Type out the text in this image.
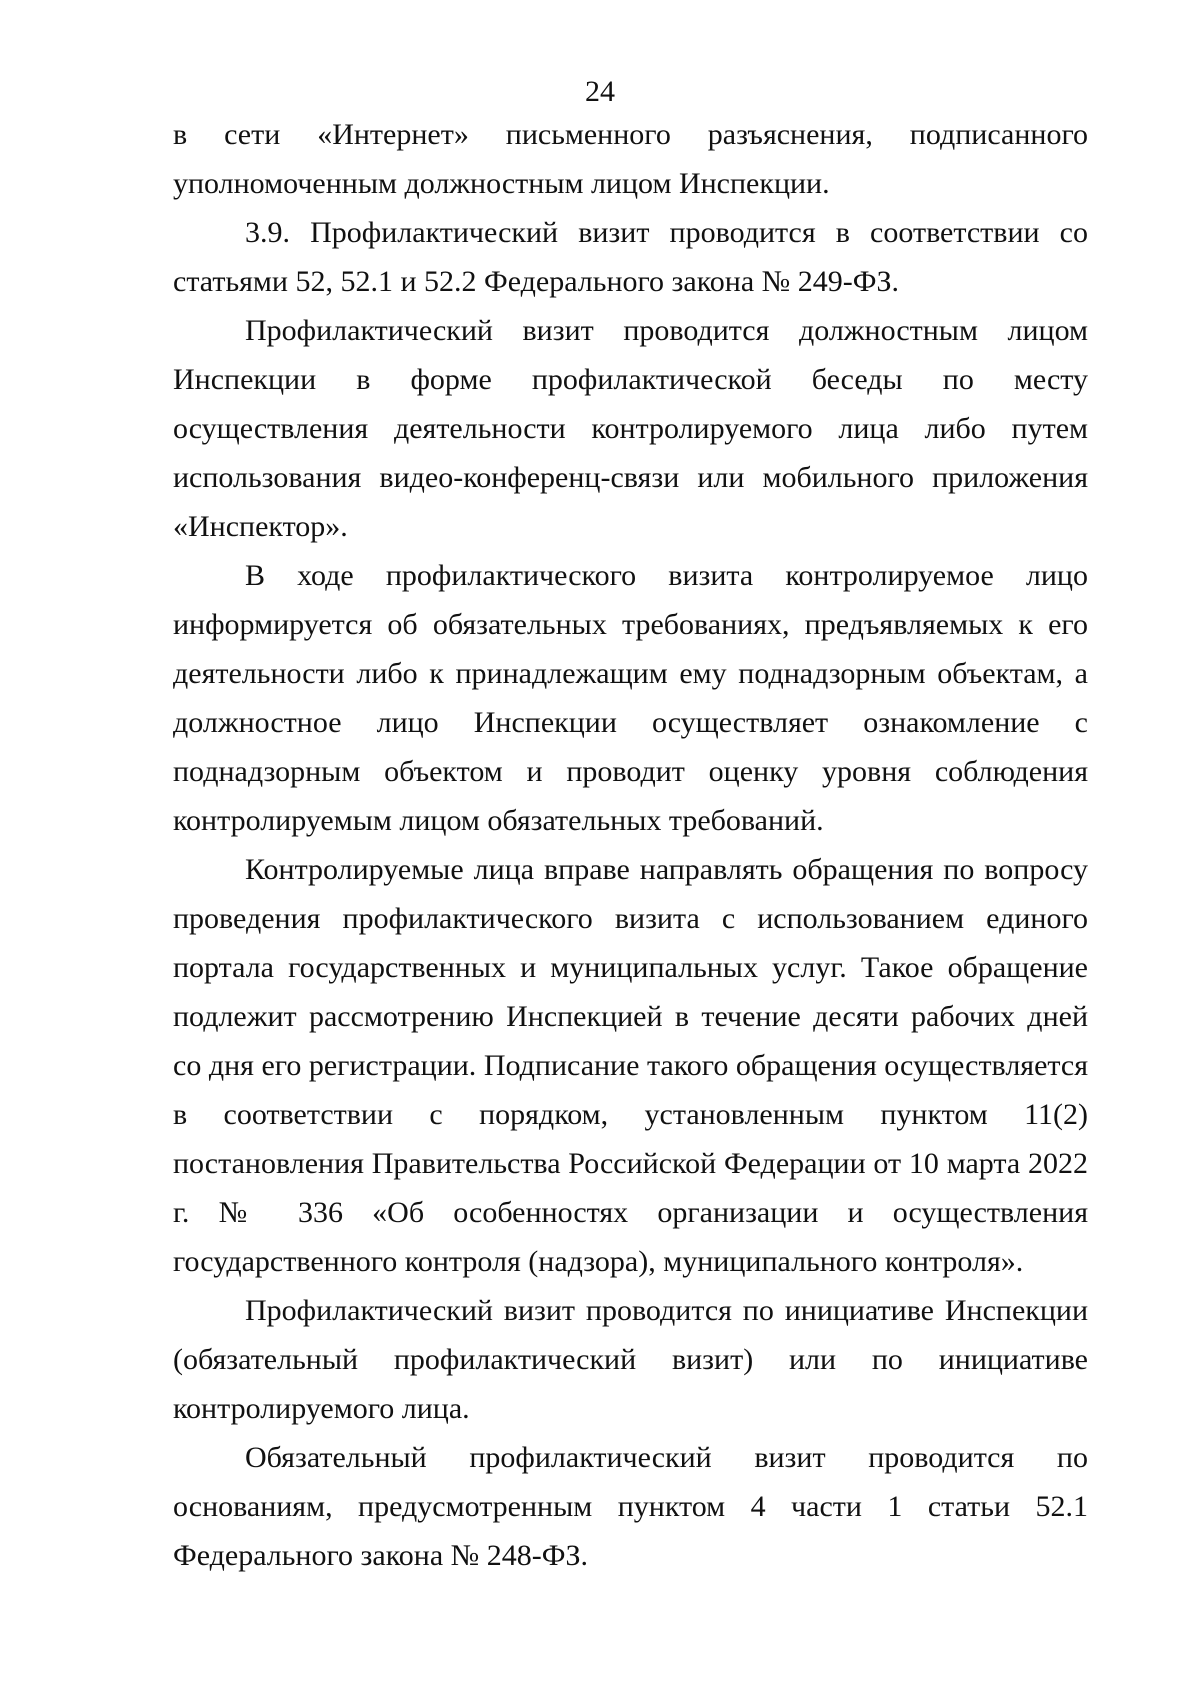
24

в сети «Интернет» письменного разъяснения, подписанного

уполномоченным должностным лицом Инспекции.

3.9. Профилактический визит проводится в соответствии со статьями 52, 52.1 и 52.2 Федерального закона № 249-ФЗ.

Профилактический визит проводится должностным лицом Инспекции в форме профилактической беседы по месту осуществления деятельности контролируемого лица либо путем использования видео-конференц-связи или мобильного приложения «Инспектор».

В ходе профилактического визита контролируемое лицо информируется об обязательных требованиях, предъявляемых к его деятельности либо к принадлежащим ему поднадзорным объектам, а должностное лицо Инспекции осуществляет ознакомление с поднадзорным объектом и проводит оценку уровня соблюдения контролируемым лицом обязательных требований.

Контролируемые лица вправе направлять обращения по вопросу проведения профилактического визита с использованием единого портала государственных и муниципальных услуг. Такое обращение подлежит рассмотрению Инспекцией в течение десяти рабочих дней со дня его регистрации. Подписание такого обращения осуществляется в соответствии с порядком, установленным пунктом 11(2) постановления Правительства Российской Федерации от 10 марта 2022 г. № 336 «Об особенностях организации и осуществления государственного контроля (надзора), муниципального контроля».

Профилактический визит проводится по инициативе Инспекции (обязательный профилактический визит) или по инициативе контролируемого лица.

Обязательный профилактический визит проводится по основаниям, предусмотренным пунктом 4 части 1 статьи 52.1 Федерального закона № 248-ФЗ.
